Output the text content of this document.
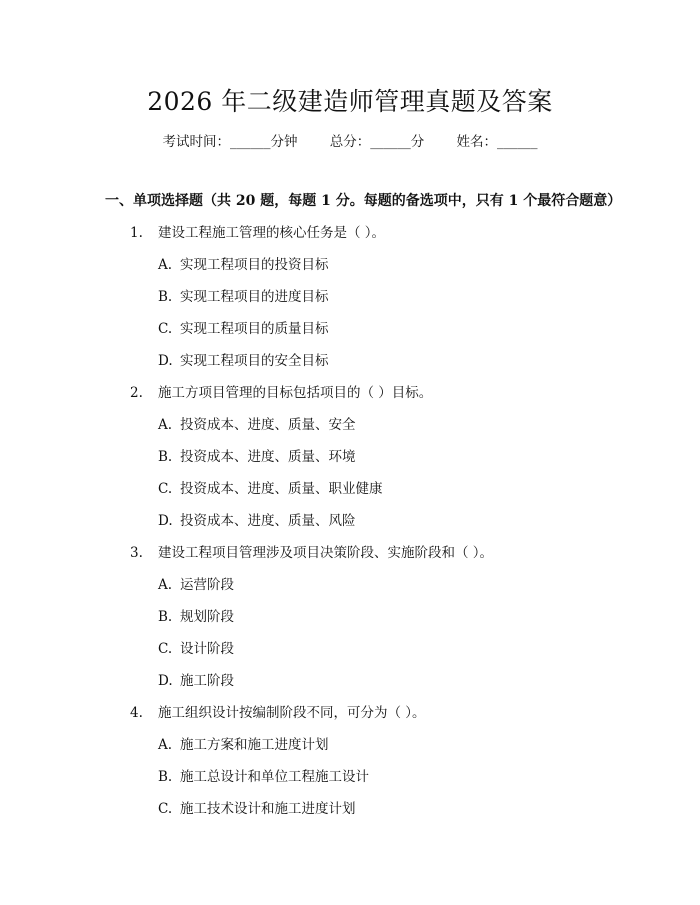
2026 年二级建造师管理真题及答案
考试时间：______分钟 总分：______分 姓名：______
一、单项选择题（共 20 题，每题 1 分。每题的备选项中，只有 1 个最符合题意）
1. 建设工程施工管理的核心任务是（ ）。
A. 实现工程项目的投资目标
B. 实现工程项目的进度目标
C. 实现工程项目的质量目标
D. 实现工程项目的安全目标
2. 施工方项目管理的目标包括项目的（ ）目标。
A. 投资成本、进度、质量、安全
B. 投资成本、进度、质量、环境
C. 投资成本、进度、质量、职业健康
D. 投资成本、进度、质量、风险
3. 建设工程项目管理涉及项目决策阶段、实施阶段和（ ）。
A. 运营阶段
B. 规划阶段
C. 设计阶段
D. 施工阶段
4. 施工组织设计按编制阶段不同，可分为（ ）。
A. 施工方案和施工进度计划
B. 施工总设计和单位工程施工设计
C. 施工技术设计和施工进度计划
